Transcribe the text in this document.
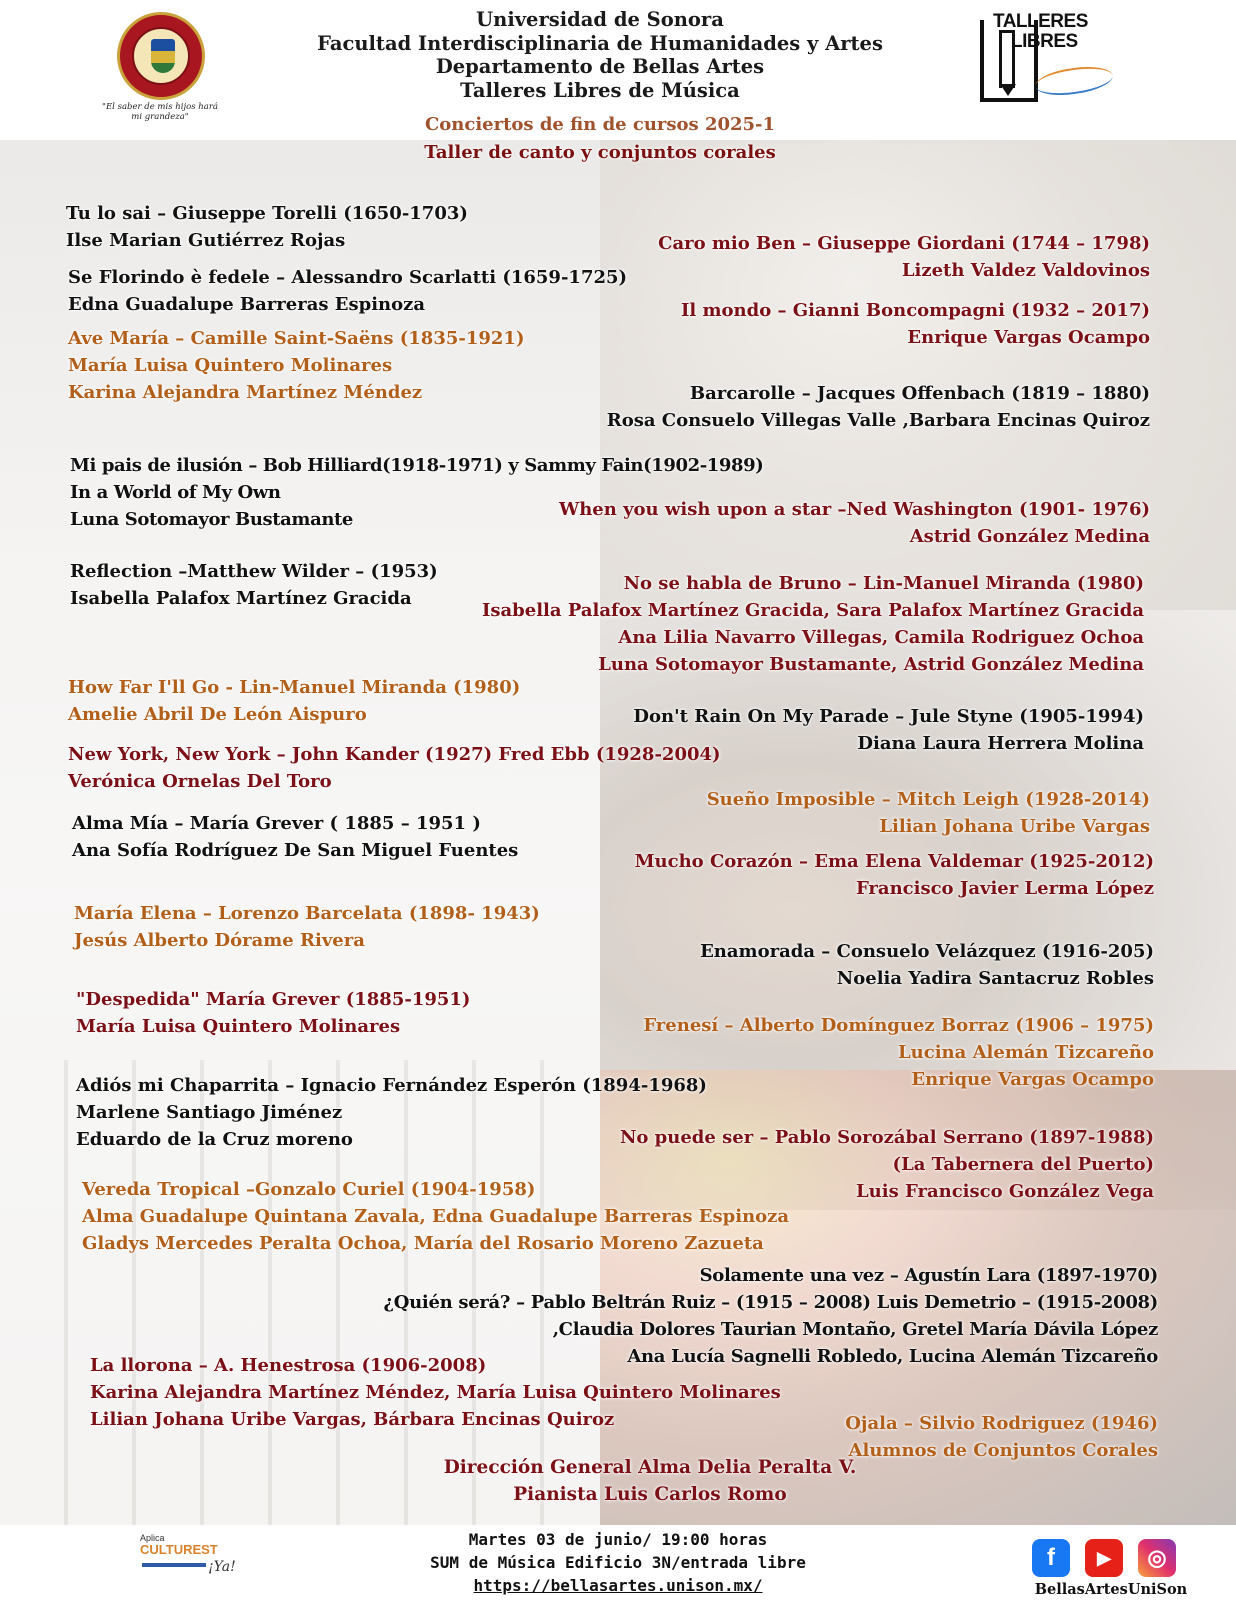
"El saber de mis hijos hará mi grandeza"
Universidad de Sonora
Facultad Interdisciplinaria de Humanidades y Artes
Departamento de Bellas Artes
Talleres Libres de Música
TALLERES
LIBRES
Conciertos de fin de cursos 2025-1
Taller de canto y conjuntos corales
Tu lo sai – Giuseppe Torelli (1650-1703)
Ilse Marian Gutiérrez Rojas
Se Florindo è fedele – Alessandro Scarlatti (1659-1725)
Edna Guadalupe Barreras Espinoza
Ave María – Camille Saint-Saëns (1835-1921)
María Luisa Quintero Molinares
Karina Alejandra Martínez Méndez
Mi pais de ilusión – Bob Hilliard(1918-1971) y Sammy Fain(1902-1989)
In a World of My Own
Luna Sotomayor Bustamante
Reflection –Matthew Wilder – (1953)
Isabella Palafox Martínez Gracida
How Far I'll Go - Lin-Manuel Miranda (1980)
Amelie Abril De León Aispuro
New York, New York – John Kander (1927) Fred Ebb (1928-2004)
Verónica Ornelas Del Toro
Alma Mía – María Grever ( 1885 – 1951 )
Ana Sofía Rodríguez De San Miguel Fuentes
María Elena – Lorenzo Barcelata (1898- 1943)
Jesús Alberto Dórame Rivera
"Despedida" María Grever (1885-1951)
María Luisa Quintero Molinares
Adiós mi Chaparrita – Ignacio Fernández Esperón (1894-1968)
Marlene Santiago Jiménez
Eduardo de la Cruz moreno
Vereda Tropical –Gonzalo Curiel (1904-1958)
Alma Guadalupe Quintana Zavala, Edna Guadalupe Barreras Espinoza
Gladys Mercedes Peralta Ochoa, María del Rosario Moreno Zazueta
La llorona – A. Henestrosa (1906-2008)
Karina Alejandra Martínez Méndez, María Luisa Quintero Molinares
Lilian Johana Uribe Vargas, Bárbara Encinas Quiroz
Caro mio Ben – Giuseppe Giordani (1744 – 1798)
Lizeth Valdez Valdovinos
Il mondo – Gianni Boncompagni (1932 – 2017)
Enrique Vargas Ocampo
Barcarolle – Jacques Offenbach (1819 – 1880)
Rosa Consuelo Villegas Valle ,Barbara Encinas Quiroz
When you wish upon a star –Ned Washington (1901- 1976)
Astrid González Medina
No se habla de Bruno – Lin-Manuel Miranda (1980)
Isabella Palafox Martínez Gracida, Sara Palafox Martínez Gracida
Ana Lilia Navarro Villegas, Camila Rodriguez Ochoa
Luna Sotomayor Bustamante, Astrid González Medina
Don't Rain On My Parade – Jule Styne (1905-1994)
Diana Laura Herrera Molina
Sueño Imposible – Mitch Leigh (1928-2014)
Lilian Johana Uribe Vargas
Mucho Corazón – Ema Elena Valdemar (1925-2012)
Francisco Javier Lerma López
Enamorada – Consuelo Velázquez (1916-205)
Noelia Yadira Santacruz Robles
Frenesí – Alberto Domínguez Borraz (1906 – 1975)
Lucina Alemán Tizcareño
Enrique Vargas Ocampo
No puede ser – Pablo Sorozábal Serrano (1897-1988)
(La Tabernera del Puerto)
Luis Francisco González Vega
Solamente una vez – Agustín Lara (1897-1970)
¿Quién será? – Pablo Beltrán Ruiz – (1915 – 2008) Luis Demetrio – (1915-2008)
,Claudia Dolores Taurian Montaño, Gretel María Dávila López
Ana Lucía Sagnelli Robledo, Lucina Alemán Tizcareño
Ojala – Silvio Rodriguez (1946)
Alumnos de Conjuntos Corales
Dirección General Alma Delia Peralta V.
Pianista Luis Carlos Romo
Aplica
CULTUREST
¡Ya!
Martes 03 de junio/ 19:00 horas
SUM de Música Edificio 3N/entrada libre
https://bellasartes.unison.mx/
f	▶	◎
BellasArtesUniSon
